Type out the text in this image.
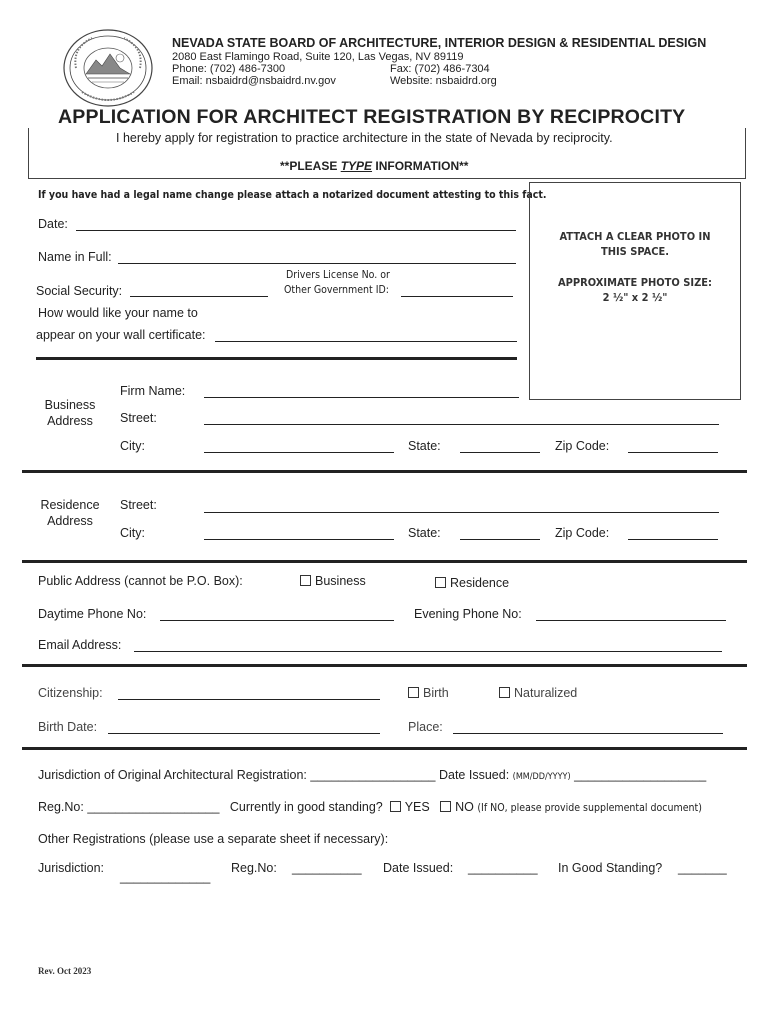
NEVADA STATE BOARD OF ARCHITECTURE, INTERIOR DESIGN & RESIDENTIAL DESIGN
2080 East Flamingo Road, Suite 120, Las Vegas, NV 89119
Phone: (702) 486-7300	Fax: (702) 486-7304
Email: nsbaidrd@nsbaidrd.nv.gov	Website: nsbaidrd.org
APPLICATION FOR ARCHITECT REGISTRATION BY RECIPROCITY
I hereby apply for registration to practice architecture in the state of Nevada by reciprocity.
**PLEASE TYPE INFORMATION**
If you have had a legal name change please attach a notarized document attesting to this fact.
ATTACH A CLEAR PHOTO IN
THIS SPACE.
APPROXIMATE PHOTO SIZE:
2 ½" x 2 ½"
Date:
Name in Full:
Drivers License No. or
Other Government ID:
Social Security:
How would like your name to
appear on your wall certificate:
Business
Address
Firm Name:
Street:
City:	State:	Zip Code:
Residence
Address
Street:
City:	State:	Zip Code:
Public Address (cannot be P.O. Box):	Business	Residence
Daytime Phone No:	Evening Phone No:
Email Address:
Citizenship:	Birth	Naturalized
Birth Date:	Place:
Jurisdiction of Original Architectural Registration: __________________ Date Issued: (MM/DD/YYYY) ___________________
Reg.No: ___________________ Currently in good standing? YES NO (If NO, please provide supplemental document)
Other Registrations (please use a separate sheet if necessary):
Jurisdiction:
_____________
Reg.No: __________ Date Issued: __________ In Good Standing? _______
Rev. Oct 2023
